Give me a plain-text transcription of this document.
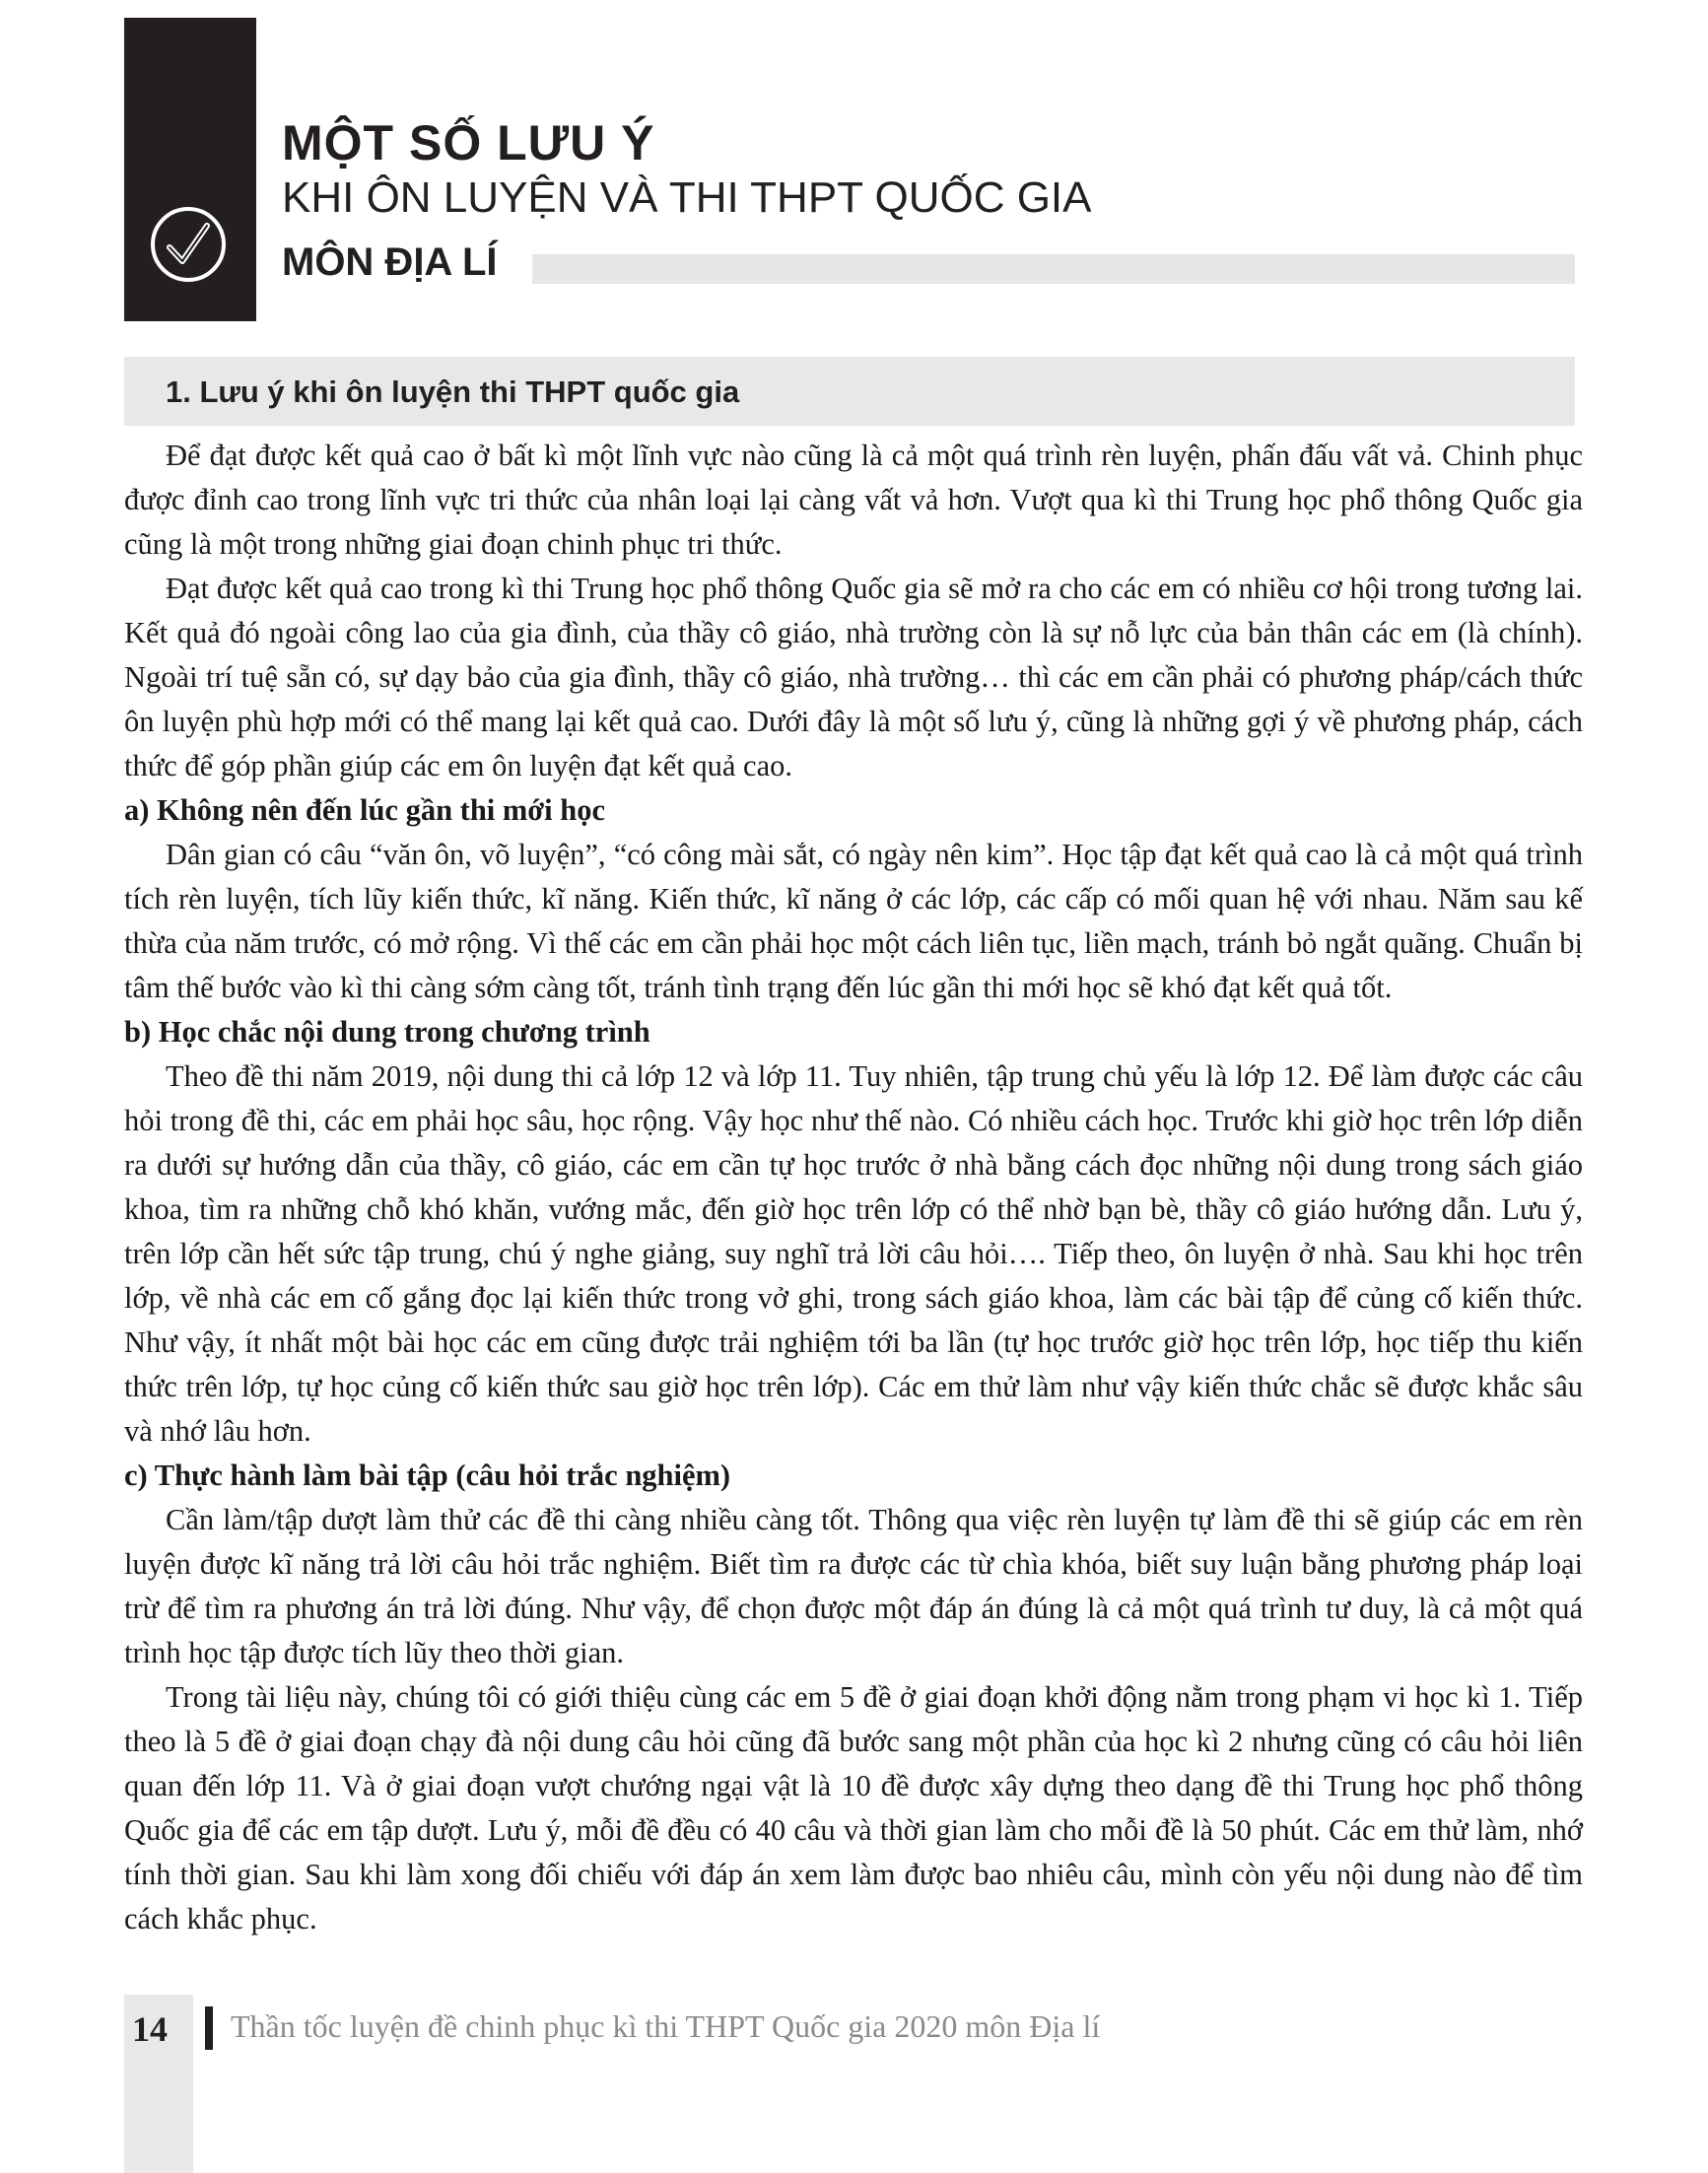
MỘT SỐ LƯU Ý
KHI ÔN LUYỆN VÀ THI THPT QUỐC GIA
MÔN ĐỊA LÍ
1. Lưu ý khi ôn luyện thi THPT quốc gia

Để đạt được kết quả cao ở bất kì một lĩnh vực nào cũng là cả một quá trình rèn luyện, phấn đấu vất vả. Chinh phục được đỉnh cao trong lĩnh vực tri thức của nhân loại lại càng vất vả hơn. Vượt qua kì thi Trung học phổ thông Quốc gia cũng là một trong những giai đoạn chinh phục tri thức.

Đạt được kết quả cao trong kì thi Trung học phổ thông Quốc gia sẽ mở ra cho các em có nhiều cơ hội trong tương lai. Kết quả đó ngoài công lao của gia đình, của thầy cô giáo, nhà trường còn là sự nỗ lực của bản thân các em (là chính). Ngoài trí tuệ sẵn có, sự dạy bảo của gia đình, thầy cô giáo, nhà trường… thì các em cần phải có phương pháp/cách thức ôn luyện phù hợp mới có thể mang lại kết quả cao. Dưới đây là một số lưu ý, cũng là những gợi ý về phương pháp, cách thức để góp phần giúp các em ôn luyện đạt kết quả cao.

a) Không nên đến lúc gần thi mới học

Dân gian có câu “văn ôn, võ luyện”, “có công mài sắt, có ngày nên kim”. Học tập đạt kết quả cao là cả một quá trình tích rèn luyện, tích lũy kiến thức, kĩ năng. Kiến thức, kĩ năng ở các lớp, các cấp có mối quan hệ với nhau. Năm sau kế thừa của năm trước, có mở rộng. Vì thế các em cần phải học một cách liên tục, liền mạch, tránh bỏ ngắt quãng. Chuẩn bị tâm thế bước vào kì thi càng sớm càng tốt, tránh tình trạng đến lúc gần thi mới học sẽ khó đạt kết quả tốt.

b) Học chắc nội dung trong chương trình

Theo đề thi năm 2019, nội dung thi cả lớp 12 và lớp 11. Tuy nhiên, tập trung chủ yếu là lớp 12. Để làm được các câu hỏi trong đề thi, các em phải học sâu, học rộng. Vậy học như thế nào. Có nhiều cách học. Trước khi giờ học trên lớp diễn ra dưới sự hướng dẫn của thầy, cô giáo, các em cần tự học trước ở nhà bằng cách đọc những nội dung trong sách giáo khoa, tìm ra những chỗ khó khăn, vướng mắc, đến giờ học trên lớp có thể nhờ bạn bè, thầy cô giáo hướng dẫn. Lưu ý, trên lớp cần hết sức tập trung, chú ý nghe giảng, suy nghĩ trả lời câu hỏi…. Tiếp theo, ôn luyện ở nhà. Sau khi học trên lớp, về nhà các em cố gắng đọc lại kiến thức trong vở ghi, trong sách giáo khoa, làm các bài tập để củng cố kiến thức. Như vậy, ít nhất một bài học các em cũng được trải nghiệm tới ba lần (tự học trước giờ học trên lớp, học tiếp thu kiến thức trên lớp, tự học củng cố kiến thức sau giờ học trên lớp). Các em thử làm như vậy kiến thức chắc sẽ được khắc sâu và nhớ lâu hơn.

c) Thực hành làm bài tập (câu hỏi trắc nghiệm)

Cần làm/tập dượt làm thử các đề thi càng nhiều càng tốt. Thông qua việc rèn luyện tự làm đề thi sẽ giúp các em rèn luyện được kĩ năng trả lời câu hỏi trắc nghiệm. Biết tìm ra được các từ chìa khóa, biết suy luận bằng phương pháp loại trừ để tìm ra phương án trả lời đúng. Như vậy, để chọn được một đáp án đúng là cả một quá trình tư duy, là cả một quá trình học tập được tích lũy theo thời gian.

Trong tài liệu này, chúng tôi có giới thiệu cùng các em 5 đề ở giai đoạn khởi động nằm trong phạm vi học kì 1. Tiếp theo là 5 đề ở giai đoạn chạy đà nội dung câu hỏi cũng đã bước sang một phần của học kì 2 nhưng cũng có câu hỏi liên quan đến lớp 11. Và ở giai đoạn vượt chướng ngại vật là 10 đề được xây dựng theo dạng đề thi Trung học phổ thông Quốc gia để các em tập dượt. Lưu ý, mỗi đề đều có 40 câu và thời gian làm cho mỗi đề là 50 phút. Các em thử làm, nhớ tính thời gian. Sau khi làm xong đối chiếu với đáp án xem làm được bao nhiêu câu, mình còn yếu nội dung nào để tìm cách khắc phục.

14 Thần tốc luyện đề chinh phục kì thi THPT Quốc gia 2020 môn Địa lí
